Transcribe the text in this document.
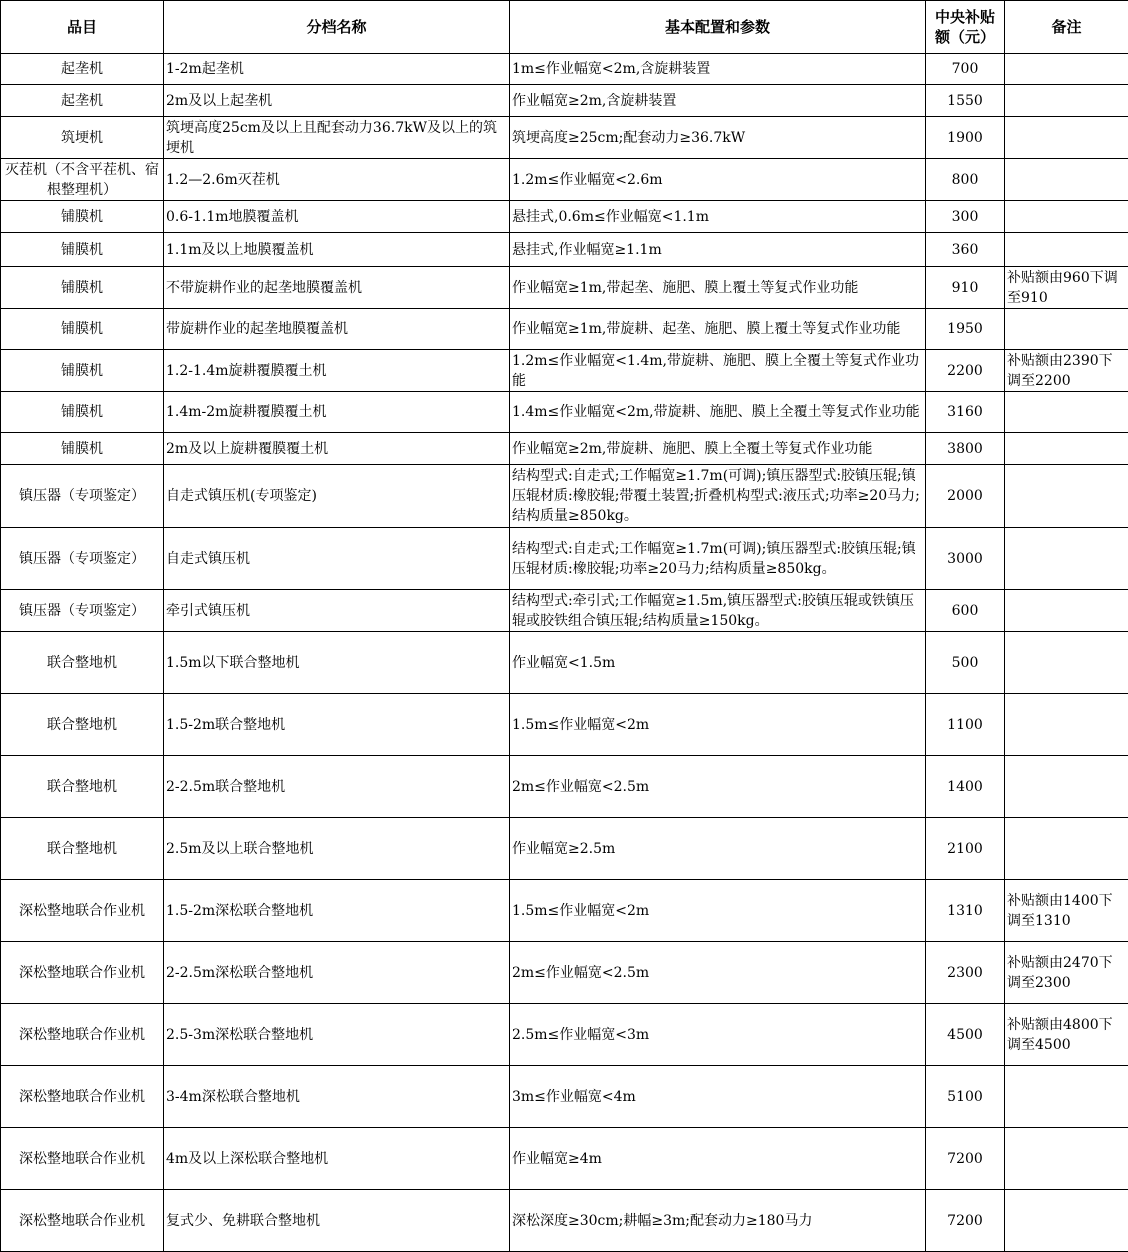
品目	分档名称	基本配置和参数	中央补贴额（元）	备注
起垄机	1-2m起垄机	1m≤作业幅宽<2m,含旋耕装置	700	
起垄机	2m及以上起垄机	作业幅宽≥2m,含旋耕装置	1550	
筑埂机	筑埂高度25cm及以上且配套动力36.7kW及以上的筑埂机	筑埂高度≥25cm;配套动力≥36.7kW	1900	
灭茬机（不含平茬机、宿根整理机）	1.2—2.6m灭茬机	1.2m≤作业幅宽<2.6m	800	
铺膜机	0.6-1.1m地膜覆盖机	悬挂式,0.6m≤作业幅宽<1.1m	300	
铺膜机	1.1m及以上地膜覆盖机	悬挂式,作业幅宽≥1.1m	360	
铺膜机	不带旋耕作业的起垄地膜覆盖机	作业幅宽≥1m,带起垄、施肥、膜上覆土等复式作业功能	910	补贴额由960下调至910
铺膜机	带旋耕作业的起垄地膜覆盖机	作业幅宽≥1m,带旋耕、起垄、施肥、膜上覆土等复式作业功能	1950	
铺膜机	1.2-1.4m旋耕覆膜覆土机	1.2m≤作业幅宽<1.4m,带旋耕、施肥、膜上全覆土等复式作业功能	2200	补贴额由2390下调至2200
铺膜机	1.4m-2m旋耕覆膜覆土机	1.4m≤作业幅宽<2m,带旋耕、施肥、膜上全覆土等复式作业功能	3160	
铺膜机	2m及以上旋耕覆膜覆土机	作业幅宽≥2m,带旋耕、施肥、膜上全覆土等复式作业功能	3800	
镇压器（专项鉴定）	自走式镇压机(专项鉴定)	结构型式:自走式;工作幅宽≥1.7m(可调);镇压器型式:胶镇压辊;镇压辊材质:橡胶辊;带覆土装置;折叠机构型式:液压式;功率≥20马力;结构质量≥850kg。	2000	
镇压器（专项鉴定）	自走式镇压机	结构型式:自走式;工作幅宽≥1.7m(可调);镇压器型式:胶镇压辊;镇压辊材质:橡胶辊;功率≥20马力;结构质量≥850kg。	3000	
镇压器（专项鉴定）	牵引式镇压机	结构型式:牵引式;工作幅宽≥1.5m,镇压器型式:胶镇压辊或铁镇压辊或胶铁组合镇压辊;结构质量≥150kg。	600	
联合整地机	1.5m以下联合整地机	作业幅宽<1.5m	500	
联合整地机	1.5-2m联合整地机	1.5m≤作业幅宽<2m	1100	
联合整地机	2-2.5m联合整地机	2m≤作业幅宽<2.5m	1400	
联合整地机	2.5m及以上联合整地机	作业幅宽≥2.5m	2100	
深松整地联合作业机	1.5-2m深松联合整地机	1.5m≤作业幅宽<2m	1310	补贴额由1400下调至1310
深松整地联合作业机	2-2.5m深松联合整地机	2m≤作业幅宽<2.5m	2300	补贴额由2470下调至2300
深松整地联合作业机	2.5-3m深松联合整地机	2.5m≤作业幅宽<3m	4500	补贴额由4800下调至4500
深松整地联合作业机	3-4m深松联合整地机	3m≤作业幅宽<4m	5100	
深松整地联合作业机	4m及以上深松联合整地机	作业幅宽≥4m	7200	
深松整地联合作业机	复式少、免耕联合整地机	深松深度≥30cm;耕幅≥3m;配套动力≥180马力	7200	
